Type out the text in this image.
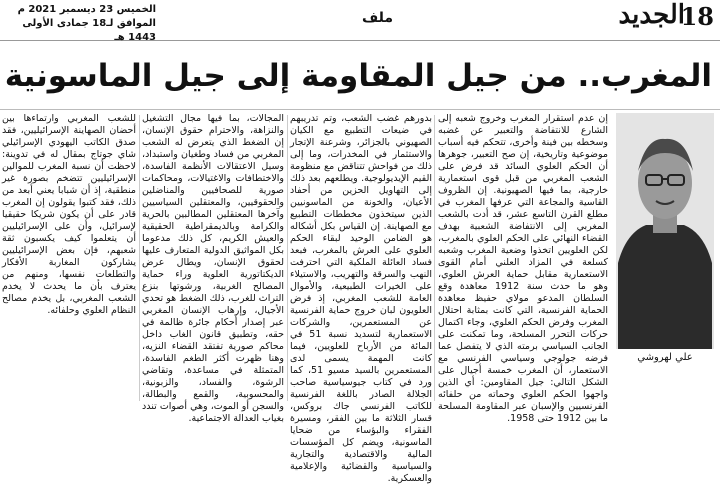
18
الجديد
ملف
الخميس 23 ديسمبر 2021 م
الموافق لـ18 جمادى الأولى 1443 هـ
المغرب.. من جيل المقاومة إلى جيل الماسونية
علي لهروشي
إن عدم استقرار المغرب وخروج شعبه إلى الشارع للانتفاضة والتعبير عن غضبه وسخطه بين فينة وأخرى، تتحكم فيه أسباب موضوعية وتاريخية، إن صح التعبير، جوهرها أن الحكم العلوي السائد قد فرض على الشعب المغربي من قبل قوى استعمارية خارجية، بما فيها الصهيونية. إن الظروف القاسية والمجاعة التي عرفها المغرب في مطلع القرن التاسع عشر، قد أدت بالشعب المغربي إلى الانتفاضة الشعبية بهدف القضاء النهائي على الحكم العلوي بالمغرب، لكن العلويين اتخذوا وضعية المغرب وشعبه كسلعة في المزاد العلني أمام القوى الاستعمارية مقابل حماية العرش العلوي، وهو ما حدث سنة 1912 معاهدة وقع السلطان المدعو مولاي حفيظ معاهدة الحماية الفرنسية، التي كانت بمثابة احتلال المغرب وفرض الحكم العلوي، وجاء اكتمال حركات التحرر المسلحة، وما تمكنت على الجانب السياسي برمته الذي لا يتفصل عما فرضه جولوجي وسياسي الفرنسي مع الاستعمار، أن المغرب خمسة أجيال على الشكل التالي: جيل المقاومين: أي الذين واجهوا الحكم العلوي وحماته من حلفائه الفرنسيين والإسبان عبر المقاومة المسلحة ما بين 1912 حتى 1958.
بدورهم غضب الشعب، وتم تدريبهم في ضيعات التطبيع مع الكيان الصهيوني بالجزائر، وشرعنة الإتجار والاستثمار في المخدرات، وما إلى ذلك من فواحش تتناقض مع منظومة القيم الإيديولوجية. ويطلعهم بعد ذلك إلى التهاويل الحزين من أحفاد الأعيان، والخونة من الماسونيين الذين سيتخذون مخططات التطبيع مع الصهاينة. إن القياس بكل أشكاله هو الضامن الوحيد لبقاء الحكم العلوي على العرش بالمغرب، فبعد فساد العائلة الملكية التي احترفت النهب والسرقة والتهريب، والاستيلاء على الخيرات الطبيعية، والأموال العامة للشعب المغربي، إذ فرض العلويون لبان خروج حماية الفرنسية عن المستعمرين، والشركات الاستعمارية لتسديد نسبة 51 في المائة من الأرباح للعلويين، فيما كانت المهمة يسمى لدى المستعمرين بالسيد مسيو 51، كما ورد في كتاب جيوسياسية صاحب الجلالة الصادر باللغة الفرنسية للكاتب الفرنسي جاك بروكس، قسار الثلاثة ما بين الفقر، ومسيرة الفقراء والبؤساء من ضحايا الماسونية، ويضم كل المؤسسات المالية والاقتصادية والتجارية والسياسية والقضائية والإعلامية والعسكرية.
المجالات، بما فيها مجال التشغيل والنزاهة، والاحترام حقوق الإنسان، إن الضغط الذي يتعرض له الشعب المغربي من فساد وطغيان واستبداد، وسيل الاعتقالات الأنظمة الفاسدة، والاختطافات والاغتيالات، ومحاكمات صورية للصحافيين والمناضلين والحقوقيين، والمعتقلين السياسيين وآخرها المعتقلين المطالبين بالحرية والكرامة وبالديمقراطية الحقيقية والعيش الكريم، كل ذلك مدعوما بكل المواثيق الدولية المتعارف عليها لحقوق الإنسان، ويطال عرض الديكتاتورية العلوية وراء حماية المصالح الغربية، ورشوتها بنزع التراث للغرب، ذلك الضغط هو تحدي الأجيال، وإرهاب الإنسان المغربي عبر إصدار أحكام جائرة ظالمة في حقه، وتطبيق قانون الغاب داخل محاكم صورية تفتقد القضاء النزيه، وهنا ظهرت أكثر الطغم الفاسدة، المتمثلة في مساعدة، وتقاضي الرشوة، والفساد، والزبونية، والمحسوبية، والقمع والبطالة، والسجن أو الموت، وهي أصوات تندد بغياب العدالة الاجتماعية.
للشعب المغربي وارتماءها بين أحضان الصهاينة الإسرائيليين، فقد صدق الكاتب اليهودي الإسرائيلي شاي جوتاج بمقال له في تدوينة: لاحظت أن نسبة المغرب للموالين الإسرائيليين تتضخم بصورة غير منطقية، إذ أن شبابا يعني أبعد من ذلك، فقد كتبوا يقولون إن المغرب قادر على أن يكون شريكا حقيقيا لإسرائيل، وأن على الإسرائيليين أن يتعلموا كيف يكسبون ثقة شعبهم، فإن بعض الإسرائيليين يشاركون المغاربة الأفكار والتطلعات نفسها، ومنهم من يعترف بأن ما يحدث لا يخدم الشعب المغربي، بل يخدم مصالح النظام العلوي وحلفائه.
